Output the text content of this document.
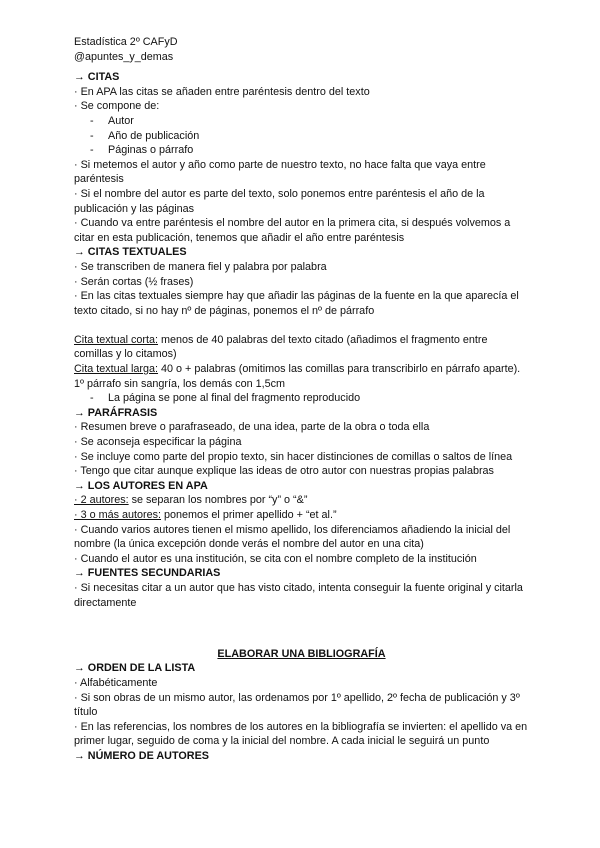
Estadística 2º CAFyD

@apuntes_y_demas

→ CITAS

· En APA las citas se añaden entre paréntesis dentro del texto

· Se compone de:

- Autor

- Año de publicación

- Páginas o párrafo

· Si metemos el autor y año como parte de nuestro texto, no hace falta que vaya entre paréntesis

· Si el nombre del autor es parte del texto, solo ponemos entre paréntesis el año de la publicación y las páginas

· Cuando va entre paréntesis el nombre del autor en la primera cita, si después volvemos a citar en esta publicación, tenemos que añadir el año entre paréntesis

→ CITAS TEXTUALES

· Se transcriben de manera fiel y palabra por palabra

· Serán cortas (½ frases)

· En las citas textuales siempre hay que añadir las páginas de la fuente en la que aparecía el texto citado, si no hay nº de páginas, ponemos el nº de párrafo

Cita textual corta: menos de 40 palabras del texto citado (añadimos el fragmento entre comillas y lo citamos)

Cita textual larga: 40 o + palabras (omitimos las comillas para transcribirlo en párrafo aparte). 1º párrafo sin sangría, los demás con 1,5cm

- La página se pone al final del fragmento reproducido

→ PARÁFRASIS

· Resumen breve o parafraseado, de una idea, parte de la obra o toda ella

· Se aconseja especificar la página

· Se incluye como parte del propio texto, sin hacer distinciones de comillas o saltos de línea

· Tengo que citar aunque explique las ideas de otro autor con nuestras propias palabras

→ LOS AUTORES EN APA

· 2 autores: se separan los nombres por “y” o “&”

· 3 o más autores: ponemos el primer apellido + “et al.”

· Cuando varios autores tienen el mismo apellido, los diferenciamos añadiendo la inicial del nombre (la única excepción donde verás el nombre del autor en una cita)

· Cuando el autor es una institución, se cita con el nombre completo de la institución

→ FUENTES SECUNDARIAS

· Si necesitas citar a un autor que has visto citado, intenta conseguir la fuente original y citarla directamente

ELABORAR UNA BIBLIOGRAFÍA

→ ORDEN DE LA LISTA

· Alfabéticamente

· Si son obras de un mismo autor, las ordenamos por 1º apellido, 2º fecha de publicación y 3º título

· En las referencias, los nombres de los autores en la bibliografía se invierten: el apellido va en primer lugar, seguido de coma y la inicial del nombre. A cada inicial le seguirá un punto

→ NÚMERO DE AUTORES
